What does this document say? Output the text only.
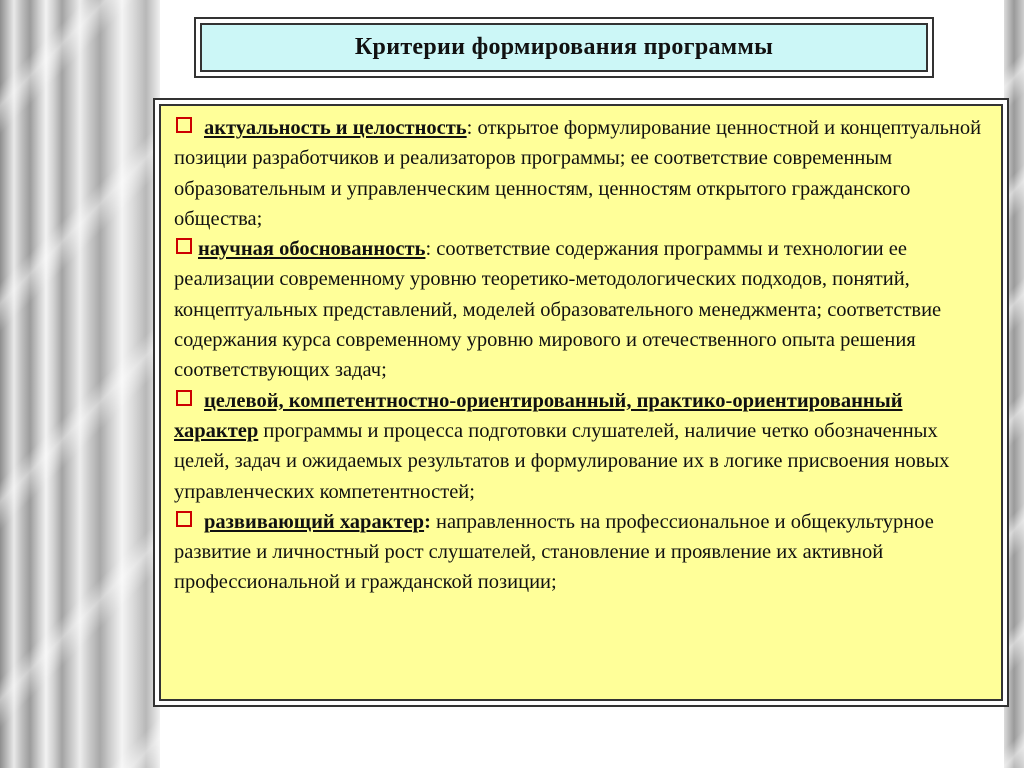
Критерии формирования программы

актуальность и целостность: открытое формулирование ценностной и концептуальной позиции разработчиков и реализаторов программы; ее соответствие современным образовательным и управленческим ценностям, ценностям открытого гражданского общества;

научная обоснованность: соответствие содержания программы и технологии ее реализации современному уровню теоретико-методологических подходов, понятий, концептуальных представлений, моделей образовательного менеджмента; соответствие содержания курса современному уровню мирового и отечественного опыта решения соответствующих задач;

целевой, компетентностно-ориентированный, практико-ориентированный характер программы и процесса подготовки слушателей, наличие четко обозначенных целей, задач и ожидаемых результатов и формулирование их в логике присвоения новых управленческих компетентностей;

развивающий характер: направленность на профессиональное и общекультурное развитие и личностный рост слушателей, становление и проявление их активной профессиональной и гражданской позиции;
